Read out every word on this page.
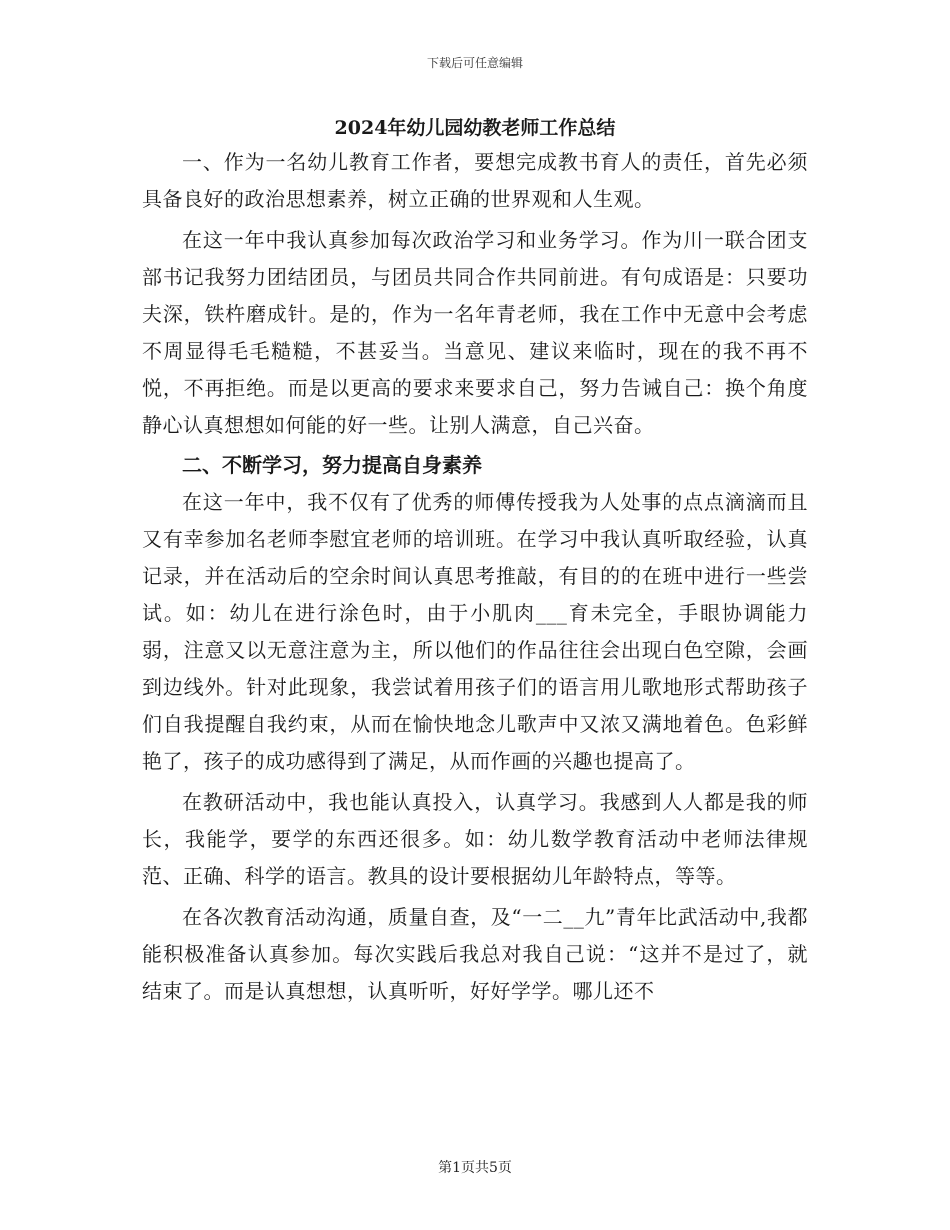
下载后可任意编辑
2024年幼儿园幼教老师工作总结

一、作为一名幼儿教育工作者，要想完成教书育人的责任，首先必须具备良好的政治思想素养，树立正确的世界观和人生观。

在这一年中我认真参加每次政治学习和业务学习。作为川一联合团支部书记我努力团结团员，与团员共同合作共同前进。有句成语是：只要功夫深，铁杵磨成针。是的，作为一名年青老师，我在工作中无意中会考虑不周显得毛毛糙糙，不甚妥当。当意见、建议来临时，现在的我不再不悦，不再拒绝。而是以更高的要求来要求自己，努力告诫自己：换个角度静心认真想想如何能的好一些。让别人满意，自己兴奋。

二、不断学习，努力提高自身素养

在这一年中，我不仅有了优秀的师傅传授我为人处事的点点滴滴而且又有幸参加名老师李慰宜老师的培训班。在学习中我认真听取经验，认真记录，并在活动后的空余时间认真思考推敲，有目的的在班中进行一些尝试。如：幼儿在进行涂色时，由于小肌肉___育未完全，手眼协调能力弱，注意又以无意注意为主，所以他们的作品往往会出现白色空隙，会画到边线外。针对此现象，我尝试着用孩子们的语言用儿歌地形式帮助孩子们自我提醒自我约束，从而在愉快地念儿歌声中又浓又满地着色。色彩鲜艳了，孩子的成功感得到了满足，从而作画的兴趣也提高了。

在教研活动中，我也能认真投入，认真学习。我感到人人都是我的师长，我能学，要学的东西还很多。如：幼儿数学教育活动中老师法律规范、正确、科学的语言。教具的设计要根据幼儿年龄特点，等等。

在各次教育活动沟通，质量自查，及“一二__九”青年比武活动中,我都能积极准备认真参加。每次实践后我总对我自己说：“这并不是过了，就结束了。而是认真想想，认真听听，好好学学。哪儿还不

第1页共5页
